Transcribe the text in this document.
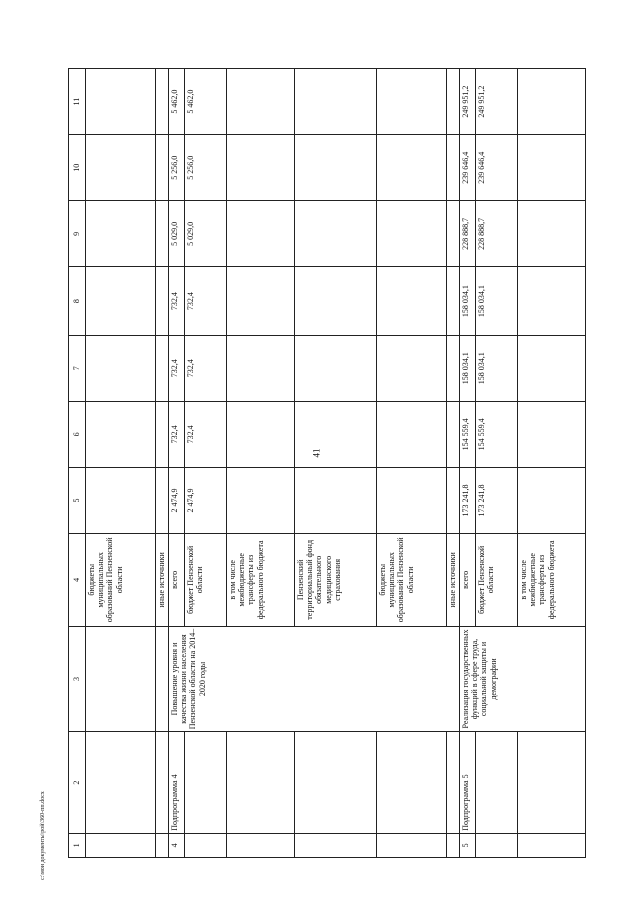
41
c:\мои документы\рой\360-пп.docx	1	2	3	4	5	6	7	8	9	10	11
			бюджеты муниципальных образований Пензенской области							
			иные источники							
4	Подпрограмма 4	Повышение уровня и качества жизни населения Пензенской области на 2014–2020 годы	всего	2 474,9	732,4	732,4	732,4	5 029,0	5 256,0	5 462,0
			бюджет Пензенской области	2 474,9	732,4	732,4	732,4	5 029,0	5 256,0	5 462,0
			в том числе межбюджетные трансферты из федерального бюджета							
			Пензенский территориальный фонд обязательного медицинского страхования							
			бюджеты муниципальных образований Пензенской области							
			иные источники							
5	Подпрограмма 5	Реализация государственных функций в сфере труда, социальной защиты и демографии	всего	173 241,8	154 559,4	158 034,1	158 034,1	228 888,7	239 646,4	249 951,2
			бюджет Пензенской области	173 241,8	154 559,4	158 034,1	158 034,1	228 888,7	239 646,4	249 951,2
			в том числе межбюджетные трансферты из федерального бюджета							
